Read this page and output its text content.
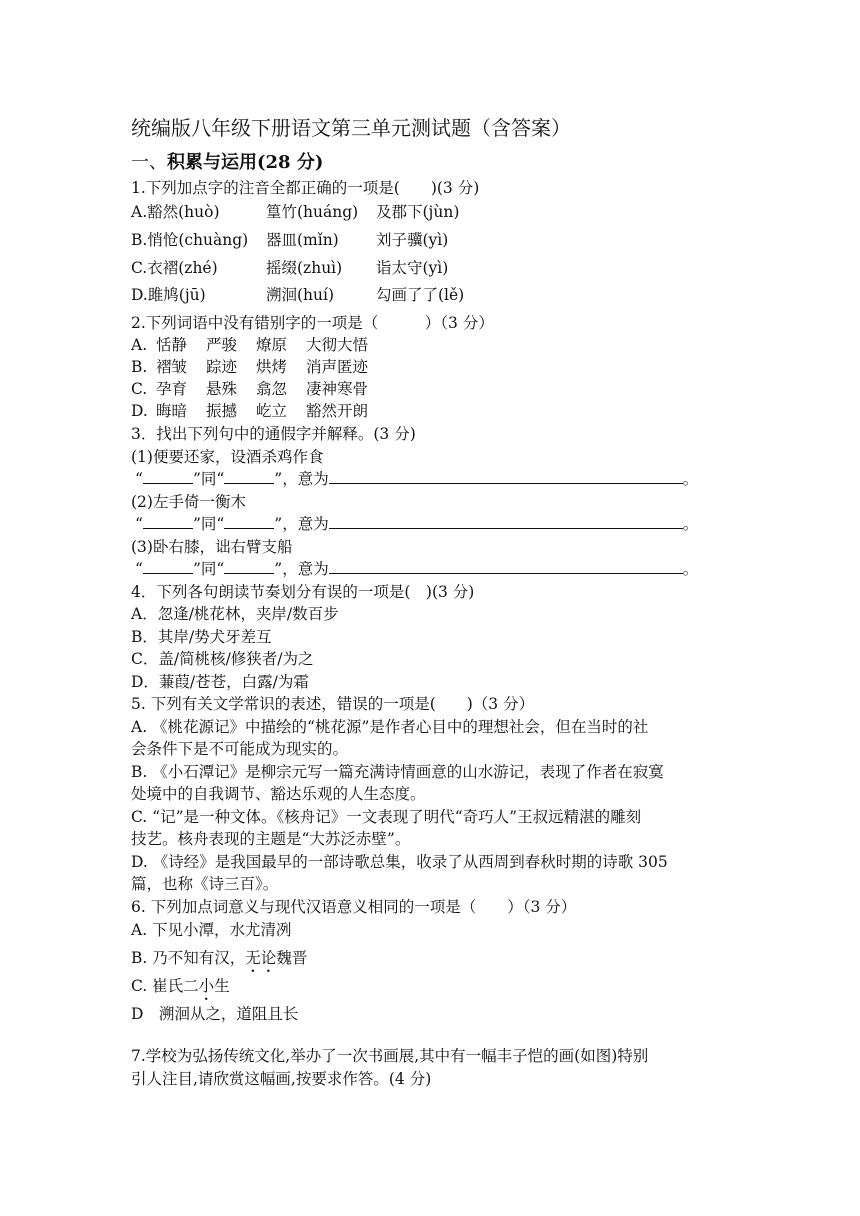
统编版八年级下册语文第三单元测试题（含答案）
一、积累与运用(28 分)
1.下列加点字的注音全都正确的一项是(　　)(3 分)
A.豁然(huò)	篁竹(huáng) 及郡下(jùn)
B.悄怆(chuàng) 器皿(mǐn) 刘子骥(yì)
C.衣褶(zhé)	摇缀(zhuì) 诣太守(yì)
D.雎鸠(jū)	溯洄(huí)	勾画了了(lě)
2.下列词语中没有错别字的一项是（　　　）（3 分）
A. 恬静 严骏 燎原 大彻大悟
B. 褶皱 踪迹 烘烤 消声匿迹
C. 孕育 悬殊 翕忽 凄神寒骨
D. 晦暗 振撼 屹立 豁然开朗
3．找出下列句中的通假字并解释。(3 分)
(1)便要还家，设酒杀鸡作食
“	”同“	”，意为	。
(2)左手倚一衡木
“	”同“	”，意为	。
(3)卧右膝，诎右臂支船
“	”同“	”，意为	。
4．下列各句朗读节奏划分有误的一项是(　)(3 分)
A．忽逢/桃花林，夹岸/数百步
B．其岸/势犬牙差互
C．盖/简桃核/修狭者/为之
D．蒹葭/苍苍，白露/为霜
5. 下列有关文学常识的表述，错误的一项是(　　)（3 分）
A. 《桃花源记》中描绘的“桃花源”是作者心目中的理想社会，但在当时的社
会条件下是不可能成为现实的。
B. 《小石潭记》是柳宗元写一篇充满诗情画意的山水游记，表现了作者在寂寞
处境中的自我调节、豁达乐观的人生态度。
C. “记”是一种文体。《核舟记》一文表现了明代“奇巧人”王叔远精湛的雕刻
技艺。核舟表现的主题是“大苏泛赤壁”。
D. 《诗经》是我国最早的一部诗歌总集，收录了从西周到春秋时期的诗歌 305
篇，也称《诗三百》。
6. 下列加点词意义与现代汉语意义相同的一项是（　　）（3 分）
A. 下见小潭，水尤清冽
B. 乃不知有汉，无论魏晋
C. 崔氏二小生
D　溯洄从之，道阻且长
7.学校为弘扬传统文化,举办了一次书画展,其中有一幅丰子恺的画(如图)特别
引人注目,请欣赏这幅画,按要求作答。(4 分)
